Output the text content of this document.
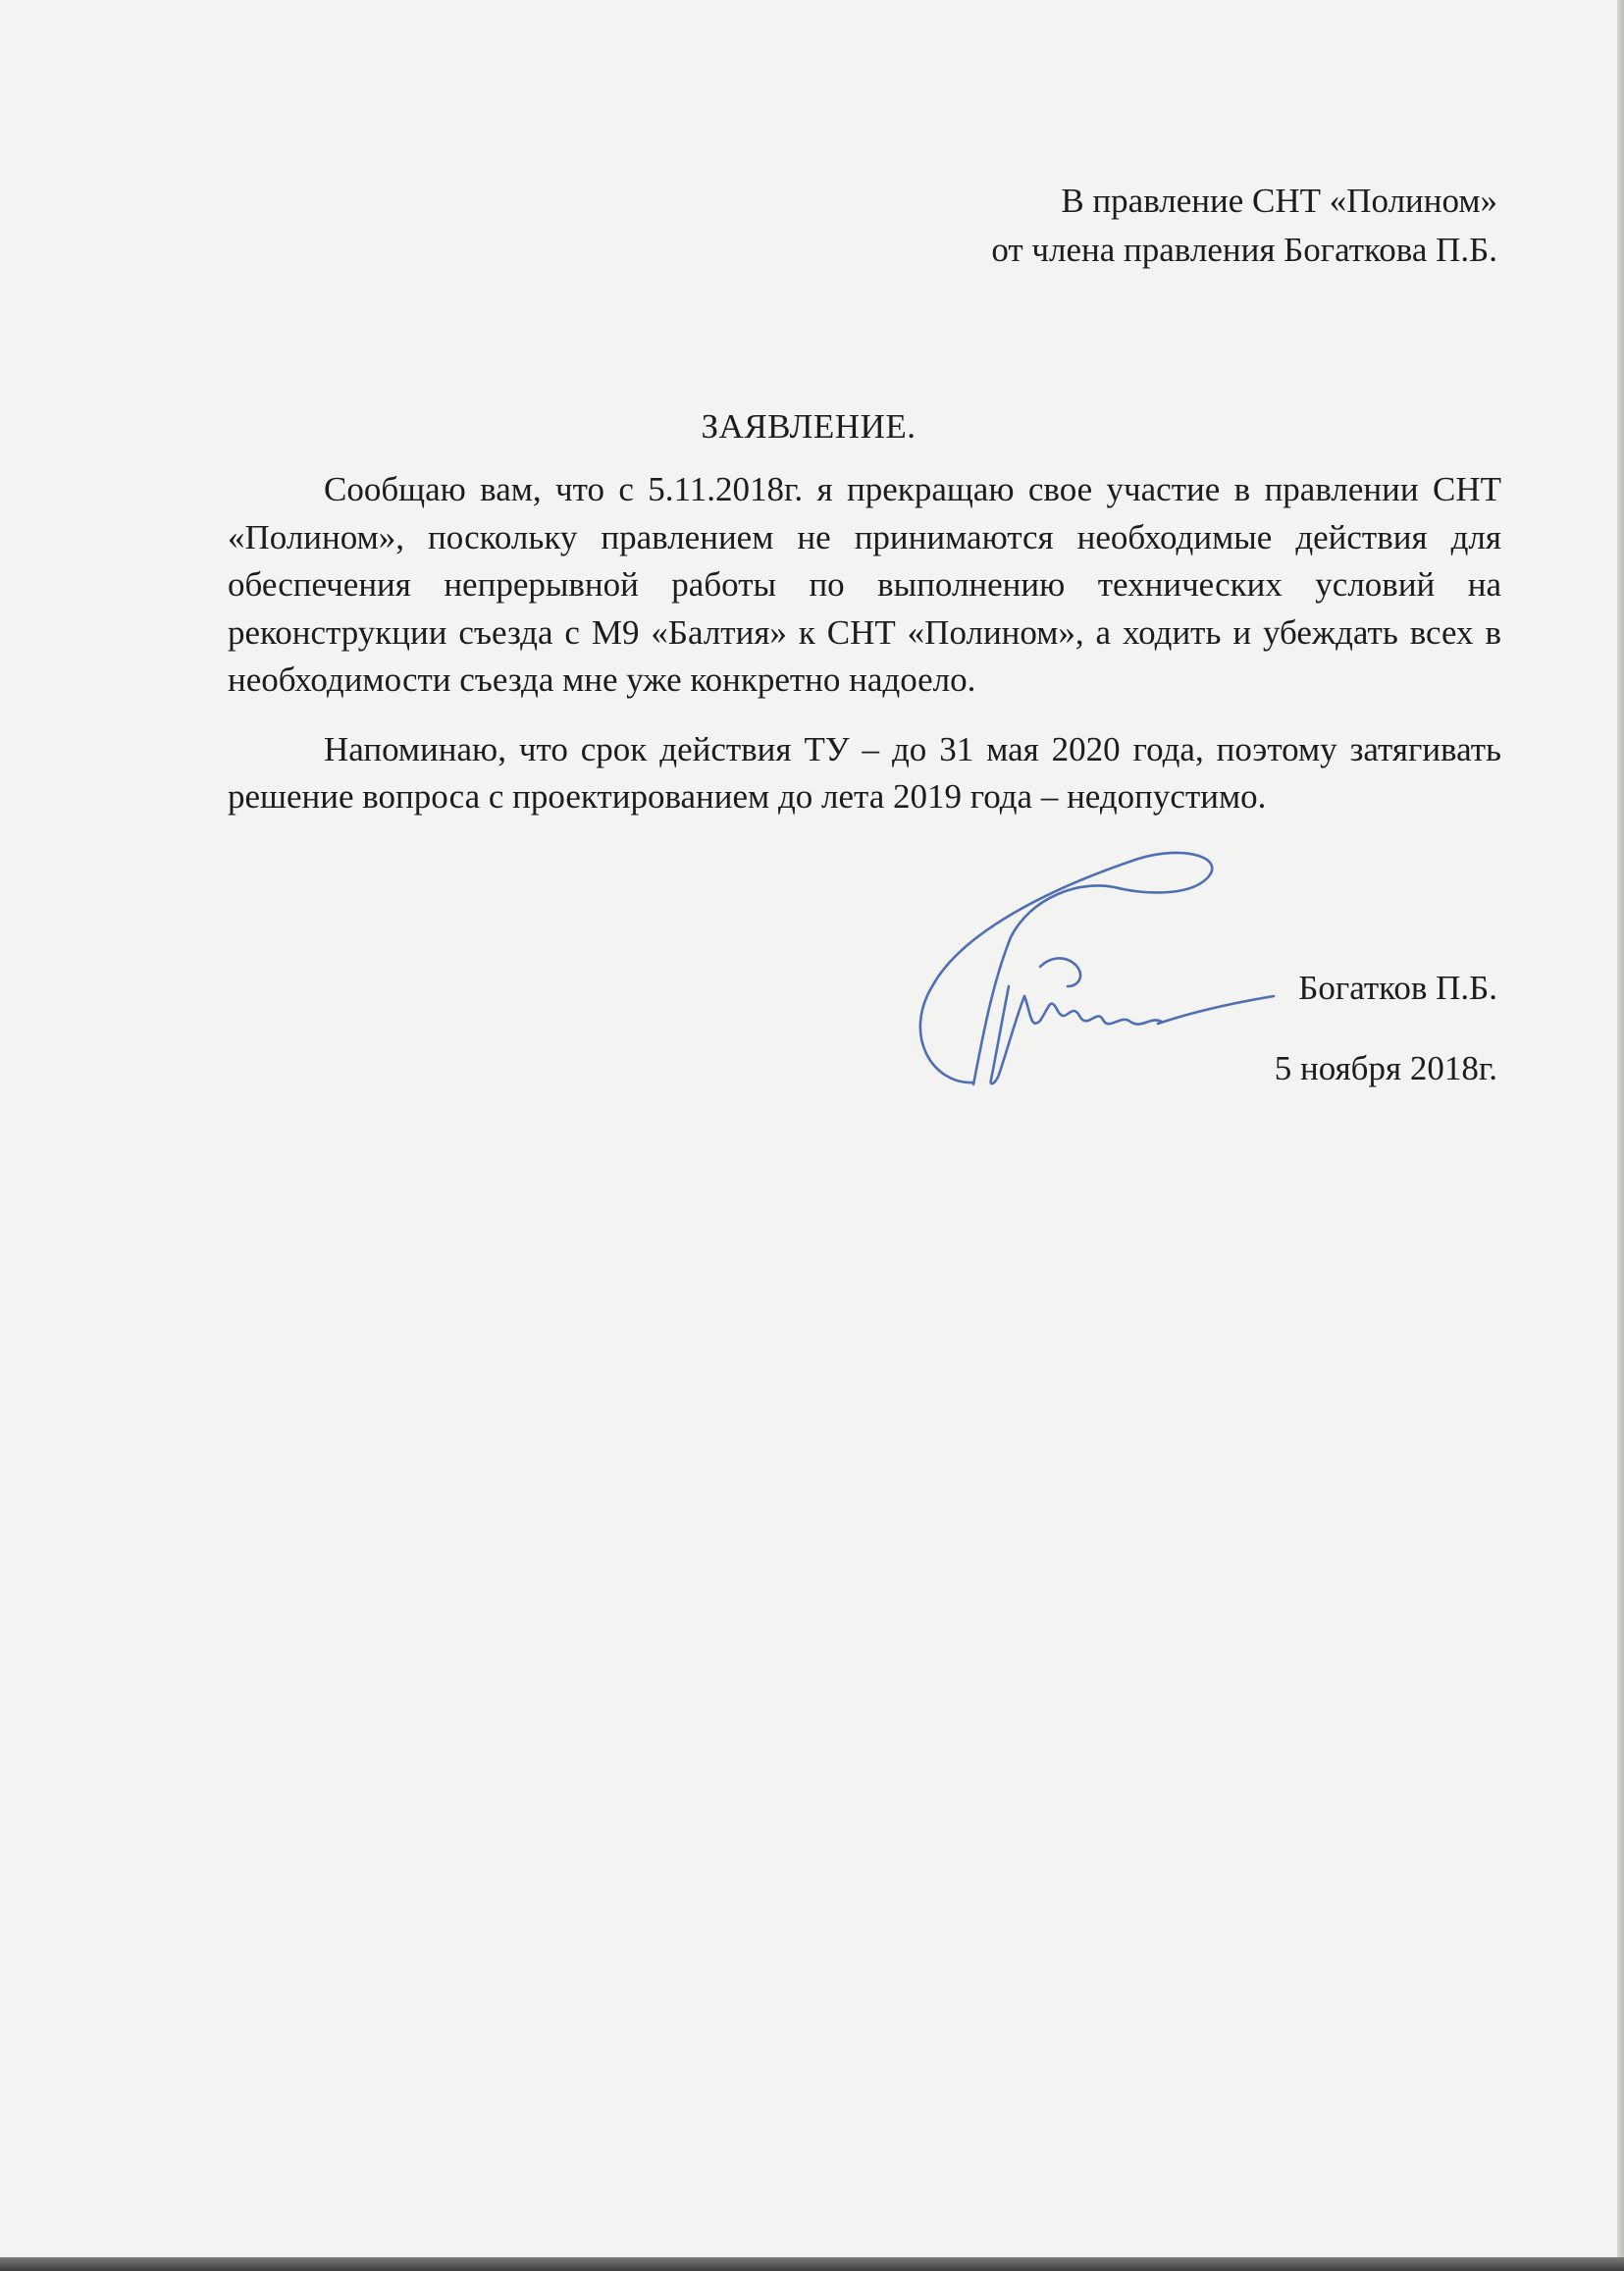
В правление СНТ «Полином»
от члена правления Богаткова П.Б.
ЗАЯВЛЕНИЕ.

Сообщаю вам, что с 5.11.2018г. я прекращаю свое участие в правлении СНТ «Полином», поскольку правлением не принимаются необходимые действия для обеспечения непрерывной работы по выполнению технических условий на реконструкции съезда с М9 «Балтия» к СНТ «Полином», а ходить и убеждать всех в необходимости съезда мне уже конкретно надоело.

Напоминаю, что срок действия ТУ – до 31 мая 2020 года, поэтому затягивать решение вопроса с проектированием до лета 2019 года – недопустимо.

Богатков П.Б.

5 ноября 2018г.
